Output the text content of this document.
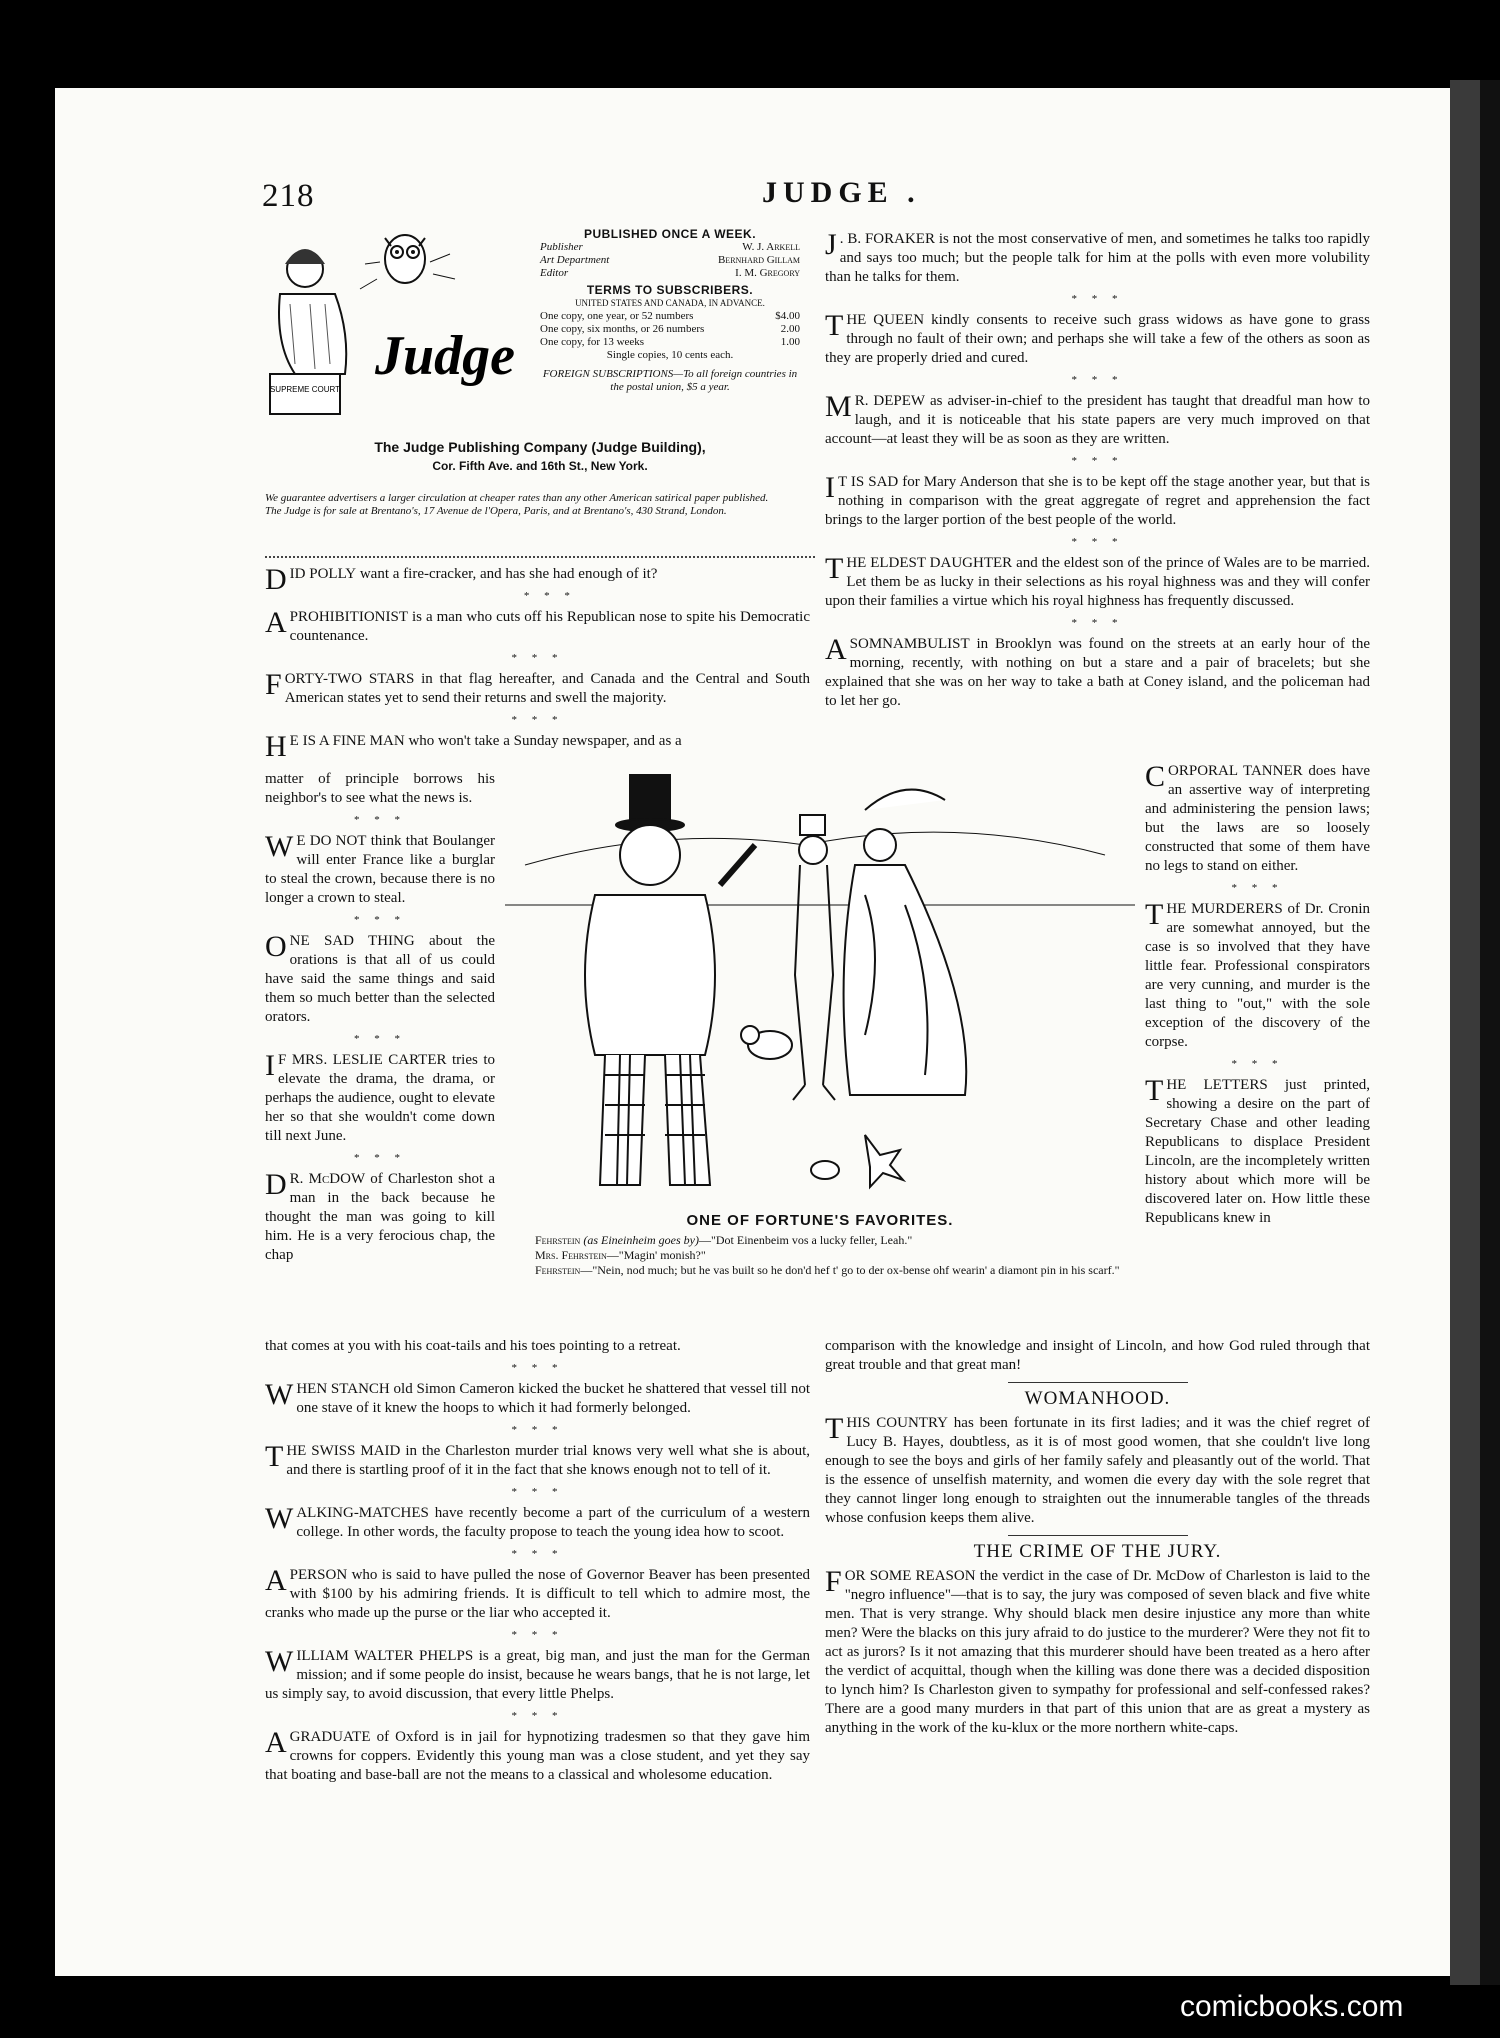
218	JUDGE .
SUPREME COURT
Judge
PUBLISHED ONCE A WEEK.
Publisher	W. J. Arkell
Art Department	Bernhard Gillam
Editor	I. M. Gregory
TERMS TO SUBSCRIBERS.
UNITED STATES AND CANADA, IN ADVANCE.
One copy, one year, or 52 numbers	$4.00
One copy, six months, or 26 numbers	2.00
One copy, for 13 weeks	1.00
Single copies, 10 cents each.
FOREIGN SUBSCRIPTIONS—To all foreign countries in the postal union, $5 a year.
The Judge Publishing Company (Judge Building),
Cor. Fifth Ave. and 16th St., New York.
We guarantee advertisers a larger circulation at cheaper rates than any other American satirical paper published.
The Judge is for sale at Brentano's, 17 Avenue de l'Opera, Paris, and at Brentano's, 430 Strand, London.

DID POLLY want a fire-cracker, and has she had enough of it?

* * *

A PROHIBITIONIST is a man who cuts off his Republican nose to spite his Democratic countenance.

* * *

FORTY-TWO STARS in that flag hereafter, and Canada and the Central and South American states yet to send their returns and swell the majority.

* * *

H E IS A FINE MAN who won't take a Sunday newspaper, and as a

matter of principle borrows his neighbor's to see what the news is.

* * *

W E DO NOT think that Boulanger will enter France like a burglar to steal the crown, because there is no longer a crown to steal.

* * *

ONE SAD THING about the orations is that all of us could have said the same things and said them so much better than the selected orators.

* * *

I F MRS. LESLIE CARTER tries to elevate the drama, the drama, or perhaps the audience, ought to elevate her so that she wouldn't come down till next June.

* * *

D R. McDOW of Charleston shot a man in the back because he thought the man was going to kill him. He is a very ferocious chap, the chap

J . B. FORAKER is not the most conservative of men, and sometimes he talks too rapidly and says too much; but the people talk for him at the polls with even more volubility than he talks for them.

* * *

THE QUEEN kindly consents to receive such grass widows as have gone to grass through no fault of their own; and perhaps she will take a few of the others as soon as they are properly dried and cured.

* * *

M R. DEPEW as adviser-in-chief to the president has taught that dreadful man how to laugh, and it is noticeable that his state papers are very much improved on that account—at least they will be as soon as they are written.

* * *

I T IS SAD for Mary Anderson that she is to be kept off the stage another year, but that is nothing in comparison with the great aggregate of regret and apprehension the fact brings to the larger portion of the best people of the world.

* * *

THE ELDEST DAUGHTER and the eldest son of the prince of Wales are to be married. Let them be as lucky in their selections as his royal highness was and they will confer upon their families a virtue which his royal highness has frequently discussed.

* * *

A SOMNAMBULIST in Brooklyn was found on the streets at an early hour of the morning, recently, with nothing on but a stare and a pair of bracelets; but she explained that she was on her way to take a bath at Coney island, and the policeman had to let her go.

CORPORAL TANNER does have an assertive way of interpreting and administering the pension laws; but the laws are so loosely constructed that some of them have no legs to stand on either.

* * *

THE MURDERERS of Dr. Cronin are somewhat annoyed, but the case is so involved that they have little fear. Professional conspirators are very cunning, and murder is the last thing to "out," with the sole exception of the discovery of the corpse.

* * *

THE LETTERS just printed, showing a desire on the part of Secretary Chase and other leading Republicans to displace President Lincoln, are the incompletely written history about which more will be discovered later on. How little these Republicans knew in

ONE OF FORTUNE'S FAVORITES.
Fehrstein (as Eineinheim goes by)—"Dot Einenbeim vos a lucky feller, Leah."
Mrs. Fehrstein—"Magin' monish?"
Fehrstein—"Nein, nod much; but he vas built so he don'd hef t' go to der ox-bense ohf wearin' a diamont pin in his scarf."

that comes at you with his coat-tails and his toes pointing to a retreat.

* * *

WHEN STANCH old Simon Cameron kicked the bucket he shattered that vessel till not one stave of it knew the hoops to which it had formerly belonged.

* * *

THE SWISS MAID in the Charleston murder trial knows very well what she is about, and there is startling proof of it in the fact that she knows enough not to tell of it.

* * *

WALKING-MATCHES have recently become a part of the curriculum of a western college. In other words, the faculty propose to teach the young idea how to scoot.

* * *

A PERSON who is said to have pulled the nose of Governor Beaver has been presented with $100 by his admiring friends. It is difficult to tell which to admire most, the cranks who made up the purse or the liar who accepted it.

* * *

WILLIAM WALTER PHELPS is a great, big man, and just the man for the German mission; and if some people do insist, because he wears bangs, that he is not large, let us simply say, to avoid discussion, that every little Phelps.

* * *

A GRADUATE of Oxford is in jail for hypnotizing tradesmen so that they gave him crowns for coppers. Evidently this young man was a close student, and yet they say that boating and base-ball are not the means to a classical and wholesome education.

comparison with the knowledge and insight of Lincoln, and how God ruled through that great trouble and that great man!

WOMANHOOD.

THIS COUNTRY has been fortunate in its first ladies; and it was the chief regret of Lucy B. Hayes, doubtless, as it is of most good women, that she couldn't live long enough to see the boys and girls of her family safely and pleasantly out of the world. That is the essence of unselfish maternity, and women die every day with the sole regret that they cannot linger long enough to straighten out the innumerable tangles of the threads whose confusion keeps them alive.

THE CRIME OF THE JURY.

FOR SOME REASON the verdict in the case of Dr. McDow of Charleston is laid to the "negro influence"—that is to say, the jury was composed of seven black and five white men. That is very strange. Why should black men desire injustice any more than white men? Were the blacks on this jury afraid to do justice to the murderer? Were they not fit to act as jurors? Is it not amazing that this murderer should have been treated as a hero after the verdict of acquittal, though when the killing was done there was a decided disposition to lynch him? Is Charleston given to sympathy for professional and self-confessed rakes? There are a good many murders in that part of this union that are as great a mystery as anything in the work of the ku-klux or the more northern white-caps.

comicbooks.com
